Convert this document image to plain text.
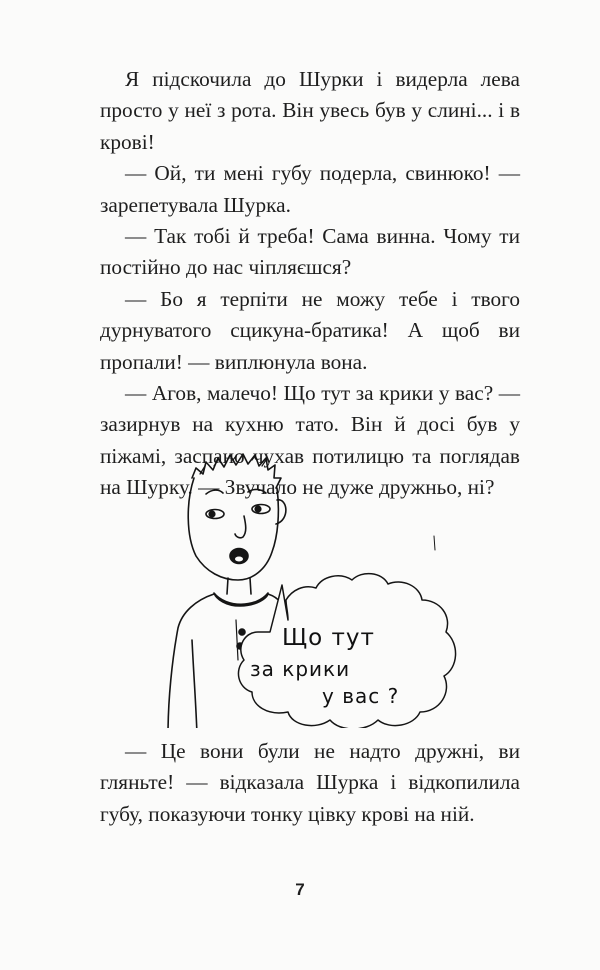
Я підскочила до Шурки і видерла лева просто у неї з рота. Він увесь був у слині... і в крові!

— Ой, ти мені губу подерла, свинюко! — зарепетувала Шурка.

— Так тобі й треба! Сама винна. Чому ти постійно до нас чіпляєшся?

— Бо я терпіти не можу тебе і твого дурнуватого сцикуна-братика! А щоб ви пропали! — виплюнула вона.

— Агов, малечо! Що тут за крики у вас? — зазирнув на кухню тато. Він й досі був у піжамі, заспано чухав потилицю та поглядав на Шурку. — Звучало не дуже дружньо, ні?

Що тут
за крики
у вас ?

— Це вони були не надто дружні, ви гляньте! — відказала Шурка і відкопилила губу, показуючи тонку цівку крові на ній.

7
